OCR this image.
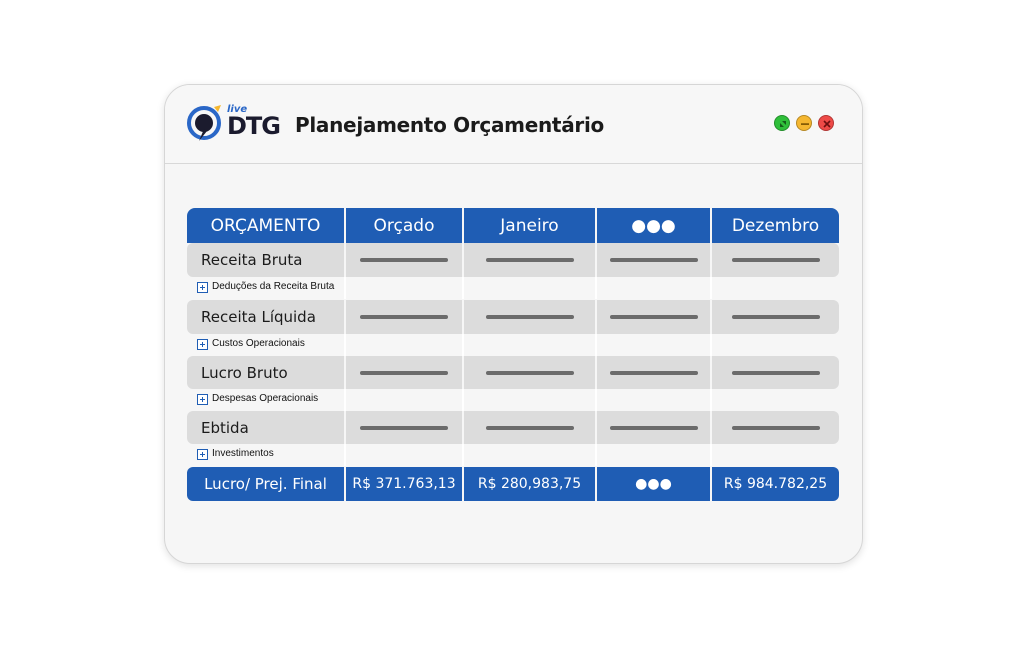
live
DTG Planejamento Orçamentário
ORÇAMENTO	Orçado	Janeiro	●●●	Dezembro
Receita Bruta
Deduções da Receita Bruta
Receita Líquida
Custos Operacionais
Lucro Bruto
Despesas Operacionais
Ebtida
Investimentos
Lucro/ Prej. Final	R$ 371.763,13	R$ 280,983,75	●●●	R$ 984.782,25
